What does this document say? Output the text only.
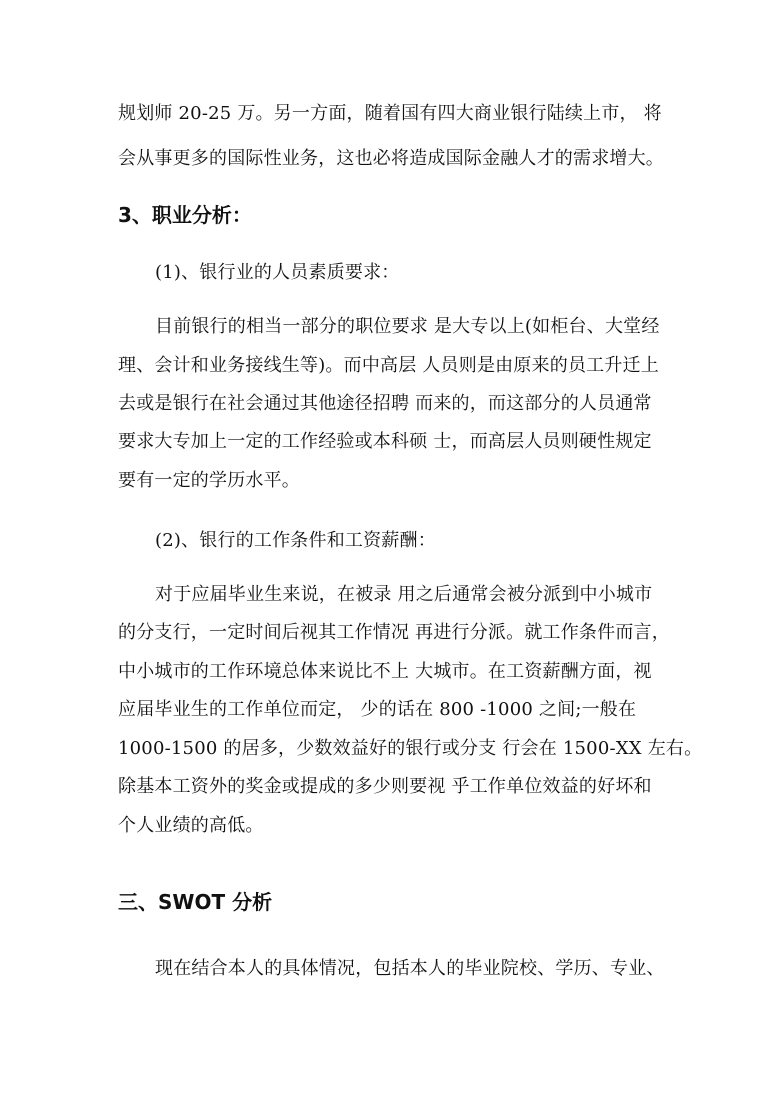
规划师 20-25 万。另一方面，随着国有四大商业银行陆续上市， 将
会从事更多的国际性业务，这也必将造成国际金融人才的需求增大。
3、职业分析：
(1)、银行业的人员素质要求：
目前银行的相当一部分的职位要求 是大专以上(如柜台、大堂经
理、会计和业务接线生等)。而中高层 人员则是由原来的员工升迁上
去或是银行在社会通过其他途径招聘 而来的，而这部分的人员通常
要求大专加上一定的工作经验或本科硕 士，而高层人员则硬性规定
要有一定的学历水平。
(2)、银行的工作条件和工资薪酬：
对于应届毕业生来说，在被录 用之后通常会被分派到中小城市
的分支行，一定时间后视其工作情况 再进行分派。就工作条件而言，
中小城市的工作环境总体来说比不上 大城市。在工资薪酬方面，视
应届毕业生的工作单位而定， 少的话在 800 -1000 之间;一般在
1000-1500 的居多，少数效益好的银行或分支 行会在 1500-XX 左右。
除基本工资外的奖金或提成的多少则要视 乎工作单位效益的好坏和
个人业绩的高低。
三、SWOT 分析
现在结合本人的具体情况，包括本人的毕业院校、学历、专业、
